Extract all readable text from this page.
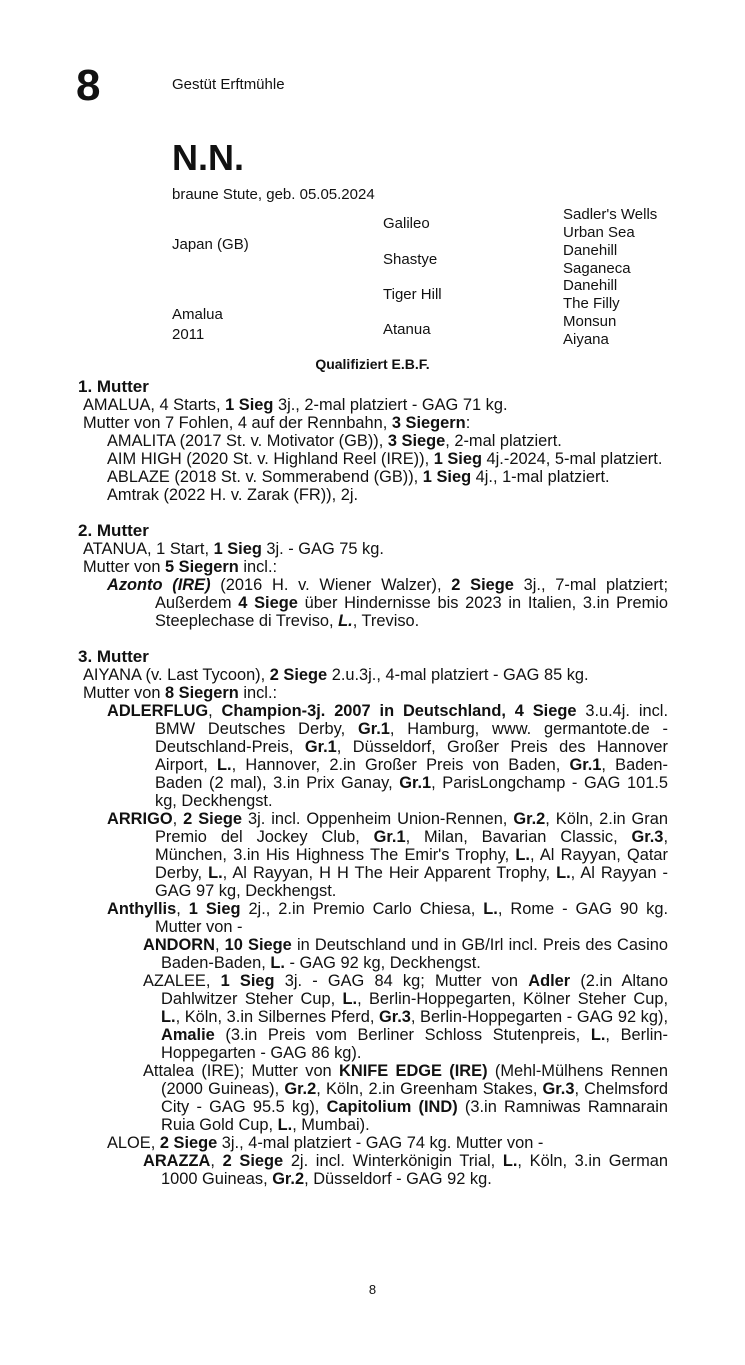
8	Gestüt Erftmühle
N.N.
braune Stute, geb. 05.05.2024
Japan (GB)
Amalua
2011
Galileo
Shastye
Tiger Hill
Atanua
Sadler's Wells
Urban Sea
Danehill
Saganeca
Danehill
The Filly
Monsun
Aiyana
Qualifiziert E.B.F.
1. Mutter
AMALUA, 4 Starts, 1 Sieg 3j., 2-mal platziert - GAG 71 kg.
Mutter von 7 Fohlen, 4 auf der Rennbahn, 3 Siegern:
AMALITA (2017 St. v. Motivator (GB)), 3 Siege, 2-mal platziert.
AIM HIGH (2020 St. v. Highland Reel (IRE)), 1 Sieg 4j.-2024, 5-mal platziert.
ABLAZE (2018 St. v. Sommerabend (GB)), 1 Sieg 4j., 1-mal platziert.
Amtrak (2022 H. v. Zarak (FR)), 2j.
2. Mutter
ATANUA, 1 Start, 1 Sieg 3j. - GAG 75 kg.
Mutter von 5 Siegern incl.:
Azonto (IRE) (2016 H. v. Wiener Walzer), 2 Siege 3j., 7-mal platziert; Außerdem 4 Siege über Hindernisse bis 2023 in Italien, 3.in Premio Steeplechase di Treviso, L., Treviso.
3. Mutter
AIYANA (v. Last Tycoon), 2 Siege 2.u.3j., 4-mal platziert - GAG 85 kg.
Mutter von 8 Siegern incl.:
ADLERFLUG, Champion-3j. 2007 in Deutschland, 4 Siege 3.u.4j. incl. BMW Deutsches Derby, Gr.1, Hamburg, www. germantote.de - Deutschland-Preis, Gr.1, Düsseldorf, Großer Preis des Hannover Airport, L., Hannover, 2.in Großer Preis von Baden, Gr.1, Baden-Baden (2 mal), 3.in Prix Ganay, Gr.1, ParisLongchamp - GAG 101.5 kg, Deckhengst.
ARRIGO, 2 Siege 3j. incl. Oppenheim Union-Rennen, Gr.2, Köln, 2.in Gran Premio del Jockey Club, Gr.1, Milan, Bavarian Classic, Gr.3, München, 3.in His Highness The Emir's Trophy, L., Al Rayyan, Qatar Derby, L., Al Rayyan, H H The Heir Apparent Trophy, L., Al Rayyan - GAG 97 kg, Deckhengst.
Anthyllis, 1 Sieg 2j., 2.in Premio Carlo Chiesa, L., Rome - GAG 90 kg. Mutter von -
ANDORN, 10 Siege in Deutschland und in GB/Irl incl. Preis des Casino Baden-Baden, L. - GAG 92 kg, Deckhengst.
AZALEE, 1 Sieg 3j. - GAG 84 kg; Mutter von Adler (2.in Altano Dahlwitzer Steher Cup, L., Berlin-Hoppegarten, Kölner Steher Cup, L., Köln, 3.in Silbernes Pferd, Gr.3, Berlin-Hoppegarten - GAG 92 kg), Amalie (3.in Preis vom Berliner Schloss Stutenpreis, L., Berlin-Hoppegarten - GAG 86 kg).
Attalea (IRE); Mutter von KNIFE EDGE (IRE) (Mehl-Mülhens Rennen (2000 Guineas), Gr.2, Köln, 2.in Greenham Stakes, Gr.3, Chelmsford City - GAG 95.5 kg), Capitolium (IND) (3.in Ramniwas Ramnarain Ruia Gold Cup, L., Mumbai).
ALOE, 2 Siege 3j., 4-mal platziert - GAG 74 kg. Mutter von -
ARAZZA, 2 Siege 2j. incl. Winterkönigin Trial, L., Köln, 3.in German 1000 Guineas, Gr.2, Düsseldorf - GAG 92 kg.
8
